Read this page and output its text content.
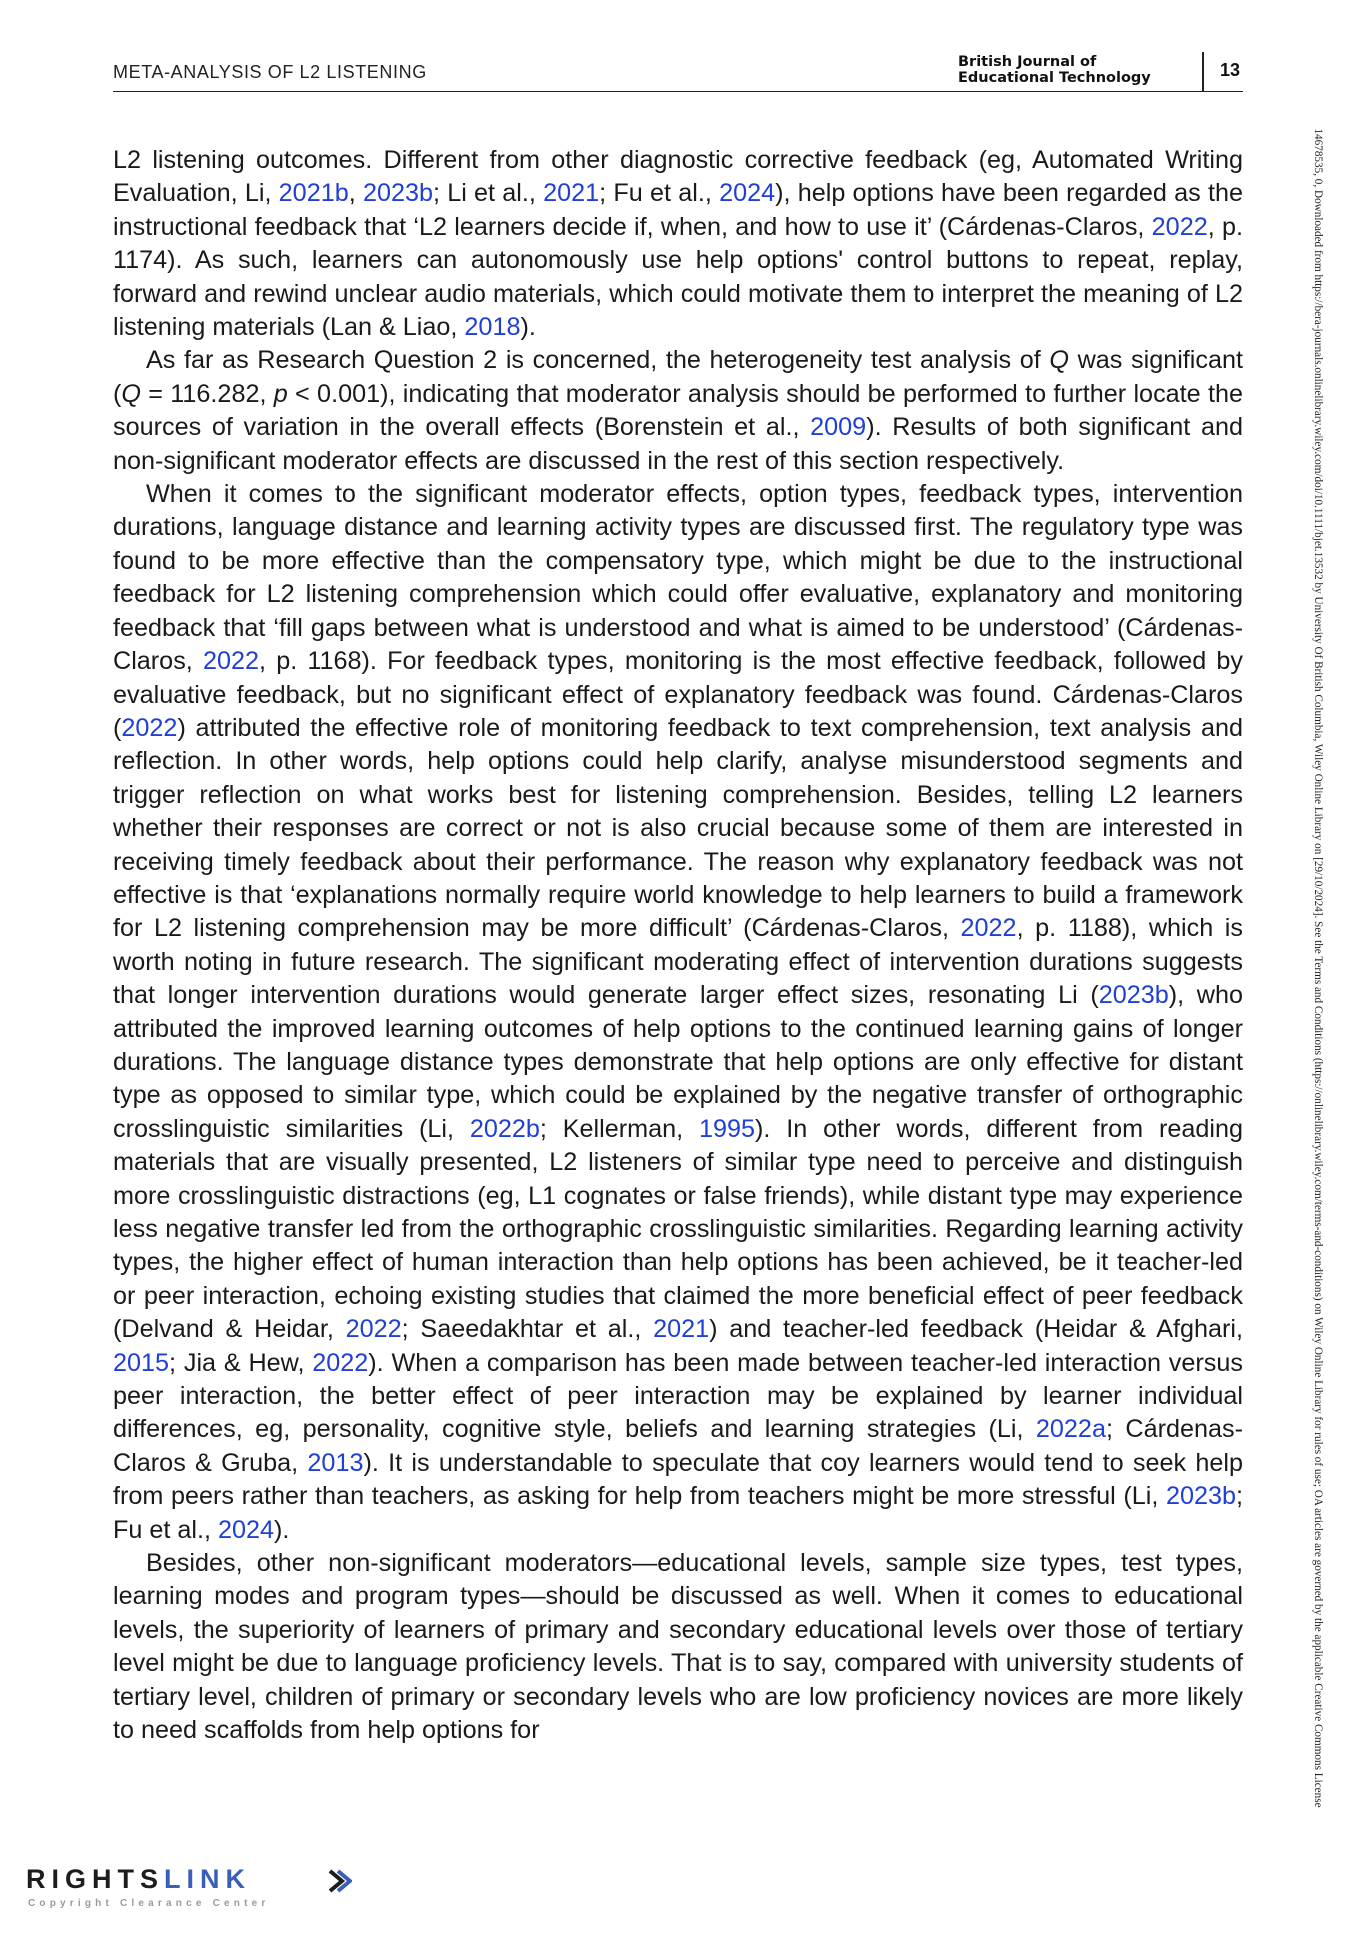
META-ANALYSIS OF L2 LISTENING	British Journal of
Educational Technology	13

L2 listening outcomes. Different from other diagnostic corrective feedback (eg, Automated Writing Evaluation, Li, 2021b, 2023b; Li et al., 2021; Fu et al., 2024), help options have been regarded as the instructional feedback that ‘L2 learners decide if, when, and how to use it’ (Cárdenas-Claros, 2022, p. 1174). As such, learners can autonomously use help options' control buttons to repeat, replay, forward and rewind unclear audio materials, which could motivate them to interpret the meaning of L2 listening materials (Lan & Liao, 2018).

As far as Research Question 2 is concerned, the heterogeneity test analysis of Q was significant (Q = 116.282, p < 0.001), indicating that moderator analysis should be performed to further locate the sources of variation in the overall effects (Borenstein et al., 2009). Results of both significant and non-significant moderator effects are discussed in the rest of this section respectively.

When it comes to the significant moderator effects, option types, feedback types, intervention durations, language distance and learning activity types are discussed first. The regulatory type was found to be more effective than the compensatory type, which might be due to the instructional feedback for L2 listening comprehension which could offer evaluative, explanatory and monitoring feedback that ‘fill gaps between what is understood and what is aimed to be understood’ (Cárdenas-Claros, 2022, p. 1168). For feedback types, monitoring is the most effective feedback, followed by evaluative feedback, but no significant effect of explanatory feedback was found. Cárdenas-Claros (2022) attributed the effective role of monitoring feedback to text comprehension, text analysis and reflection. In other words, help options could help clarify, analyse misunderstood segments and trigger reflection on what works best for listening comprehension. Besides, telling L2 learners whether their responses are correct or not is also crucial because some of them are interested in receiving timely feedback about their performance. The reason why explanatory feedback was not effective is that ‘explanations normally require world knowledge to help learners to build a framework for L2 listening comprehension may be more difficult’ (Cárdenas-Claros, 2022, p. 1188), which is worth noting in future research. The significant moderating effect of intervention durations suggests that longer intervention durations would generate larger effect sizes, resonating Li (2023b), who attributed the improved learning outcomes of help options to the continued learning gains of longer durations. The language distance types demonstrate that help options are only effective for distant type as opposed to similar type, which could be explained by the negative transfer of orthographic crosslinguistic similarities (Li, 2022b; Kellerman, 1995). In other words, different from reading materials that are visually presented, L2 listeners of similar type need to perceive and distinguish more crosslinguistic distractions (eg, L1 cognates or false friends), while distant type may experience less negative transfer led from the orthographic crosslinguistic similarities. Regarding learning activity types, the higher effect of human interaction than help options has been achieved, be it teacher-led or peer interaction, echoing existing studies that claimed the more beneficial effect of peer feedback (Delvand & Heidar, 2022; Saeedakhtar et al., 2021) and teacher-led feedback (Heidar & Afghari, 2015; Jia & Hew, 2022). When a comparison has been made between teacher-led interaction versus peer interaction, the better effect of peer interaction may be explained by learner individual differences, eg, personality, cognitive style, beliefs and learning strategies (Li, 2022a; Cárdenas-Claros & Gruba, 2013). It is understandable to speculate that coy learners would tend to seek help from peers rather than teachers, as asking for help from teachers might be more stressful (Li, 2023b; Fu et al., 2024).

Besides, other non-significant moderators—educational levels, sample size types, test types, learning modes and program types—should be discussed as well. When it comes to educational levels, the superiority of learners of primary and secondary educational levels over those of tertiary level might be due to language proficiency levels. That is to say, compared with university students of tertiary level, children of primary or secondary levels who are low proficiency novices are more likely to need scaffolds from help options for	14678535, 0, Downloaded from https://bera-journals.onlinelibrary.wiley.com/doi/10.1111/bjet.13532 by University Of British Columbia, Wiley Online Library on [29/10/2024]. See the Terms and Conditions (https://onlinelibrary.wiley.com/terms-and-conditions) on Wiley Online Library for rules of use; OA articles are governed by the applicable Creative Commons License
RIGHTSLINK
Copyright Clearance Center
